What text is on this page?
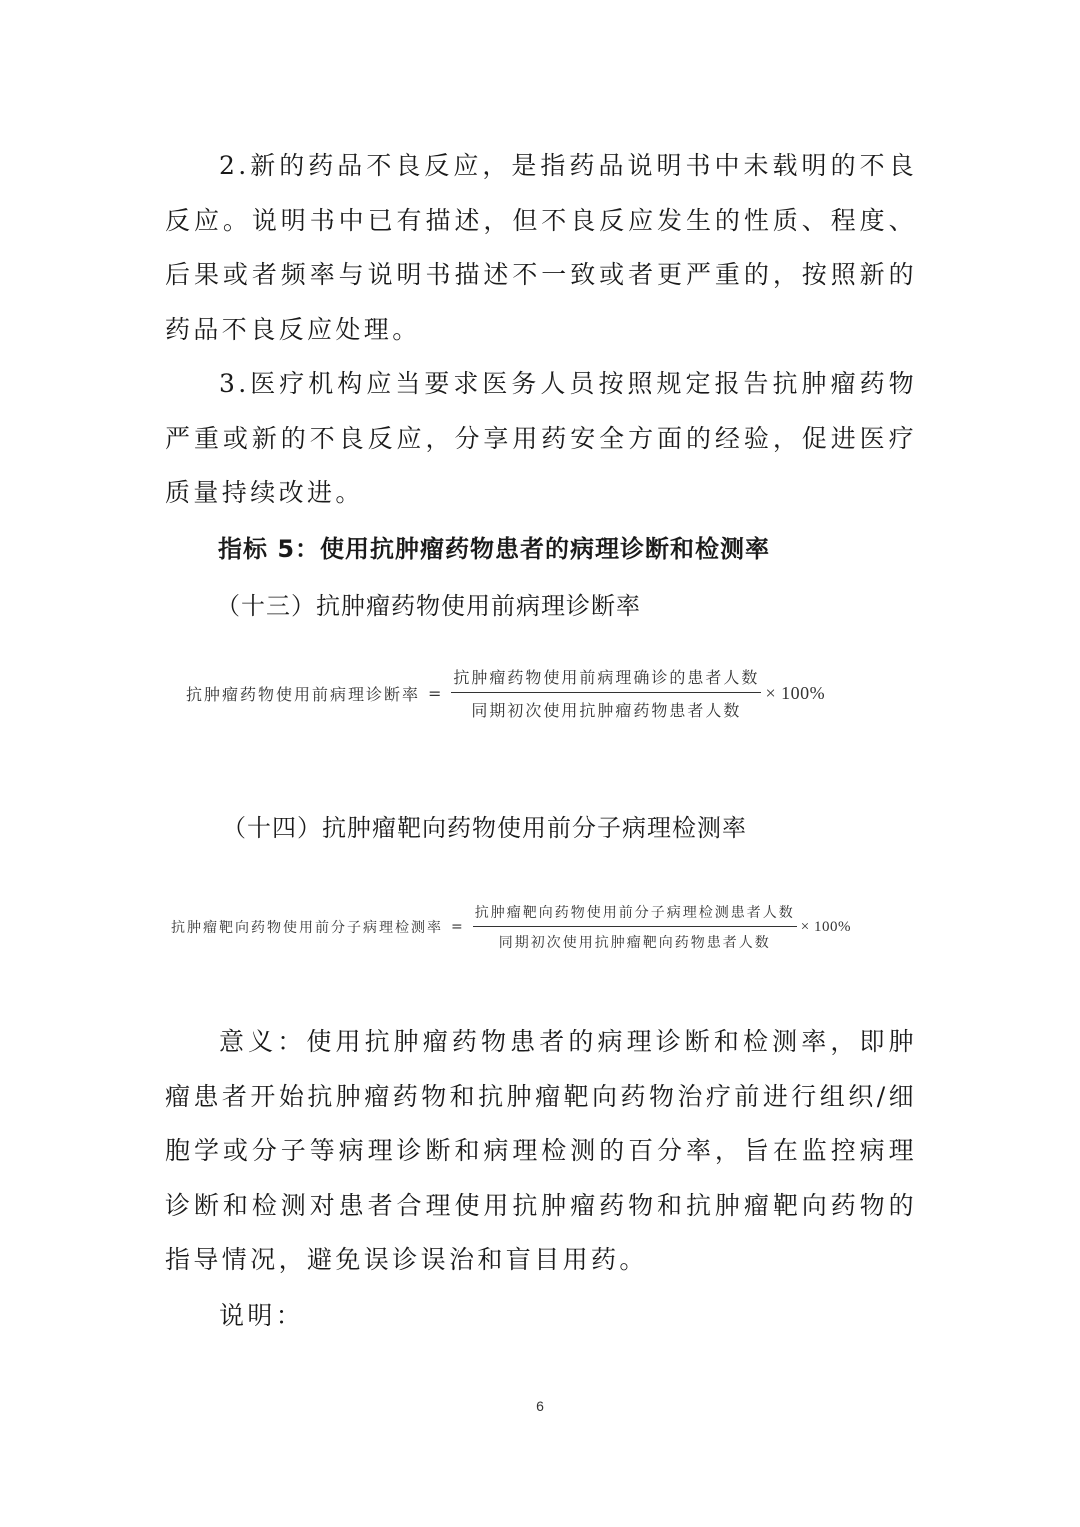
2.新的药品不良反应，是指药品说明书中未载明的不良反应。说明书中已有描述，但不良反应发生的性质、程度、后果或者频率与说明书描述不一致或者更严重的，按照新的药品不良反应处理。

3.医疗机构应当要求医务人员按照规定报告抗肿瘤药物严重或新的不良反应，分享用药安全方面的经验，促进医疗质量持续改进。

指标 5：使用抗肿瘤药物患者的病理诊断和检测率
（十三）抗肿瘤药物使用前病理诊断率
抗肿瘤药物使用前病理诊断率 = $\frac{\text{抗肿瘤药物使用前病理确诊的患者人数}}{\text{同期初次使用抗肿瘤药物患者人数}} \times 100\%$
（十四）抗肿瘤靶向药物使用前分子病理检测率
抗肿瘤靶向药物使用前分子病理检测率 = $\frac{\text{抗肿瘤靶向药物使用前分子病理检测患者人数}}{\text{同期初次使用抗肿瘤靶向药物患者人数}} \times 100\%$

意义：使用抗肿瘤药物患者的病理诊断和检测率，即肿瘤患者开始抗肿瘤药物和抗肿瘤靶向药物治疗前进行组织/细胞学或分子等病理诊断和病理检测的百分率，旨在监控病理诊断和检测对患者合理使用抗肿瘤药物和抗肿瘤靶向药物的指导情况，避免误诊误治和盲目用药。

说明：

6
